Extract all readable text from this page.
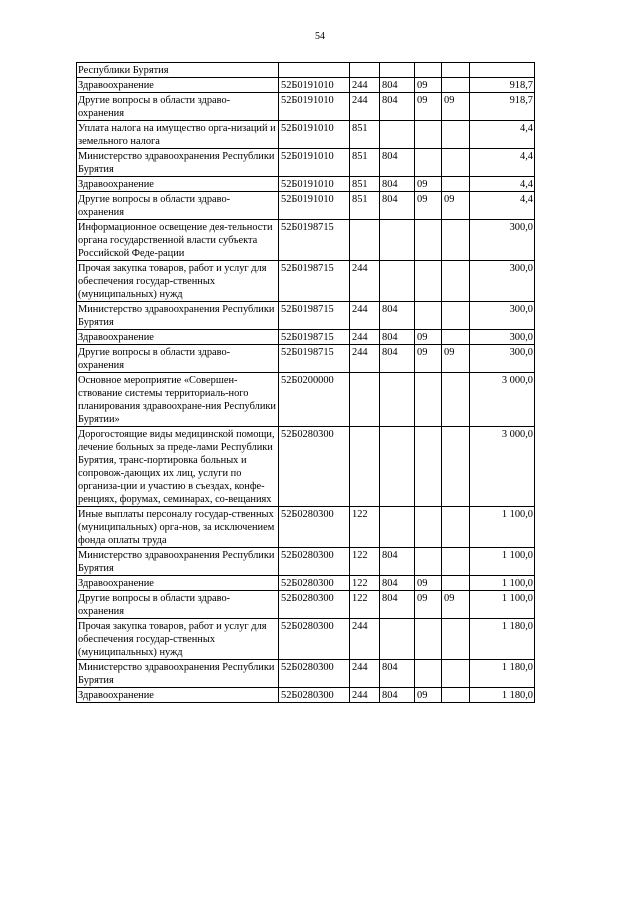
54
Республики Бурятия						
Здравоохранение	52Б0191010	244	804	09		918,7
Другие вопросы в области здраво-охранения	52Б0191010	244	804	09	09	918,7
Уплата налога на имущество орга-низаций и земельного налога	52Б0191010	851				4,4
Министерство здравоохранения Республики Бурятия	52Б0191010	851	804			4,4
Здравоохранение	52Б0191010	851	804	09		4,4
Другие вопросы в области здраво-охранения	52Б0191010	851	804	09	09	4,4
Информационное освещение дея-тельности органа государственной власти субъекта Российской Феде-рации	52Б0198715					300,0
Прочая закупка товаров, работ и услуг для обеспечения государ-ственных (муниципальных) нужд	52Б0198715	244				300,0
Министерство здравоохранения Республики Бурятия	52Б0198715	244	804			300,0
Здравоохранение	52Б0198715	244	804	09		300,0
Другие вопросы в области здраво-охранения	52Б0198715	244	804	09	09	300,0
Основное мероприятие «Совершен-ствование системы территориаль-ного планирования здравоохране-ния Республики Бурятии»	52Б0200000					3 000,0
Дорогостоящие виды медицинской помощи, лечение больных за преде-лами Республики Бурятия, транс-портировка больных и сопровож-дающих их лиц, услуги по организа-ции и участию в съездах, конфе-ренциях, форумах, семинарах, со-вещаниях	52Б0280300					3 000,0
Иные выплаты персоналу государ-ственных (муниципальных) орга-нов, за исключением фонда оплаты труда	52Б0280300	122				1 100,0
Министерство здравоохранения Республики Бурятия	52Б0280300	122	804			1 100,0
Здравоохранение	52Б0280300	122	804	09		1 100,0
Другие вопросы в области здраво-охранения	52Б0280300	122	804	09	09	1 100,0
Прочая закупка товаров, работ и услуг для обеспечения государ-ственных (муниципальных) нужд	52Б0280300	244				1 180,0
Министерство здравоохранения Республики Бурятия	52Б0280300	244	804			1 180,0
Здравоохранение	52Б0280300	244	804	09		1 180,0
